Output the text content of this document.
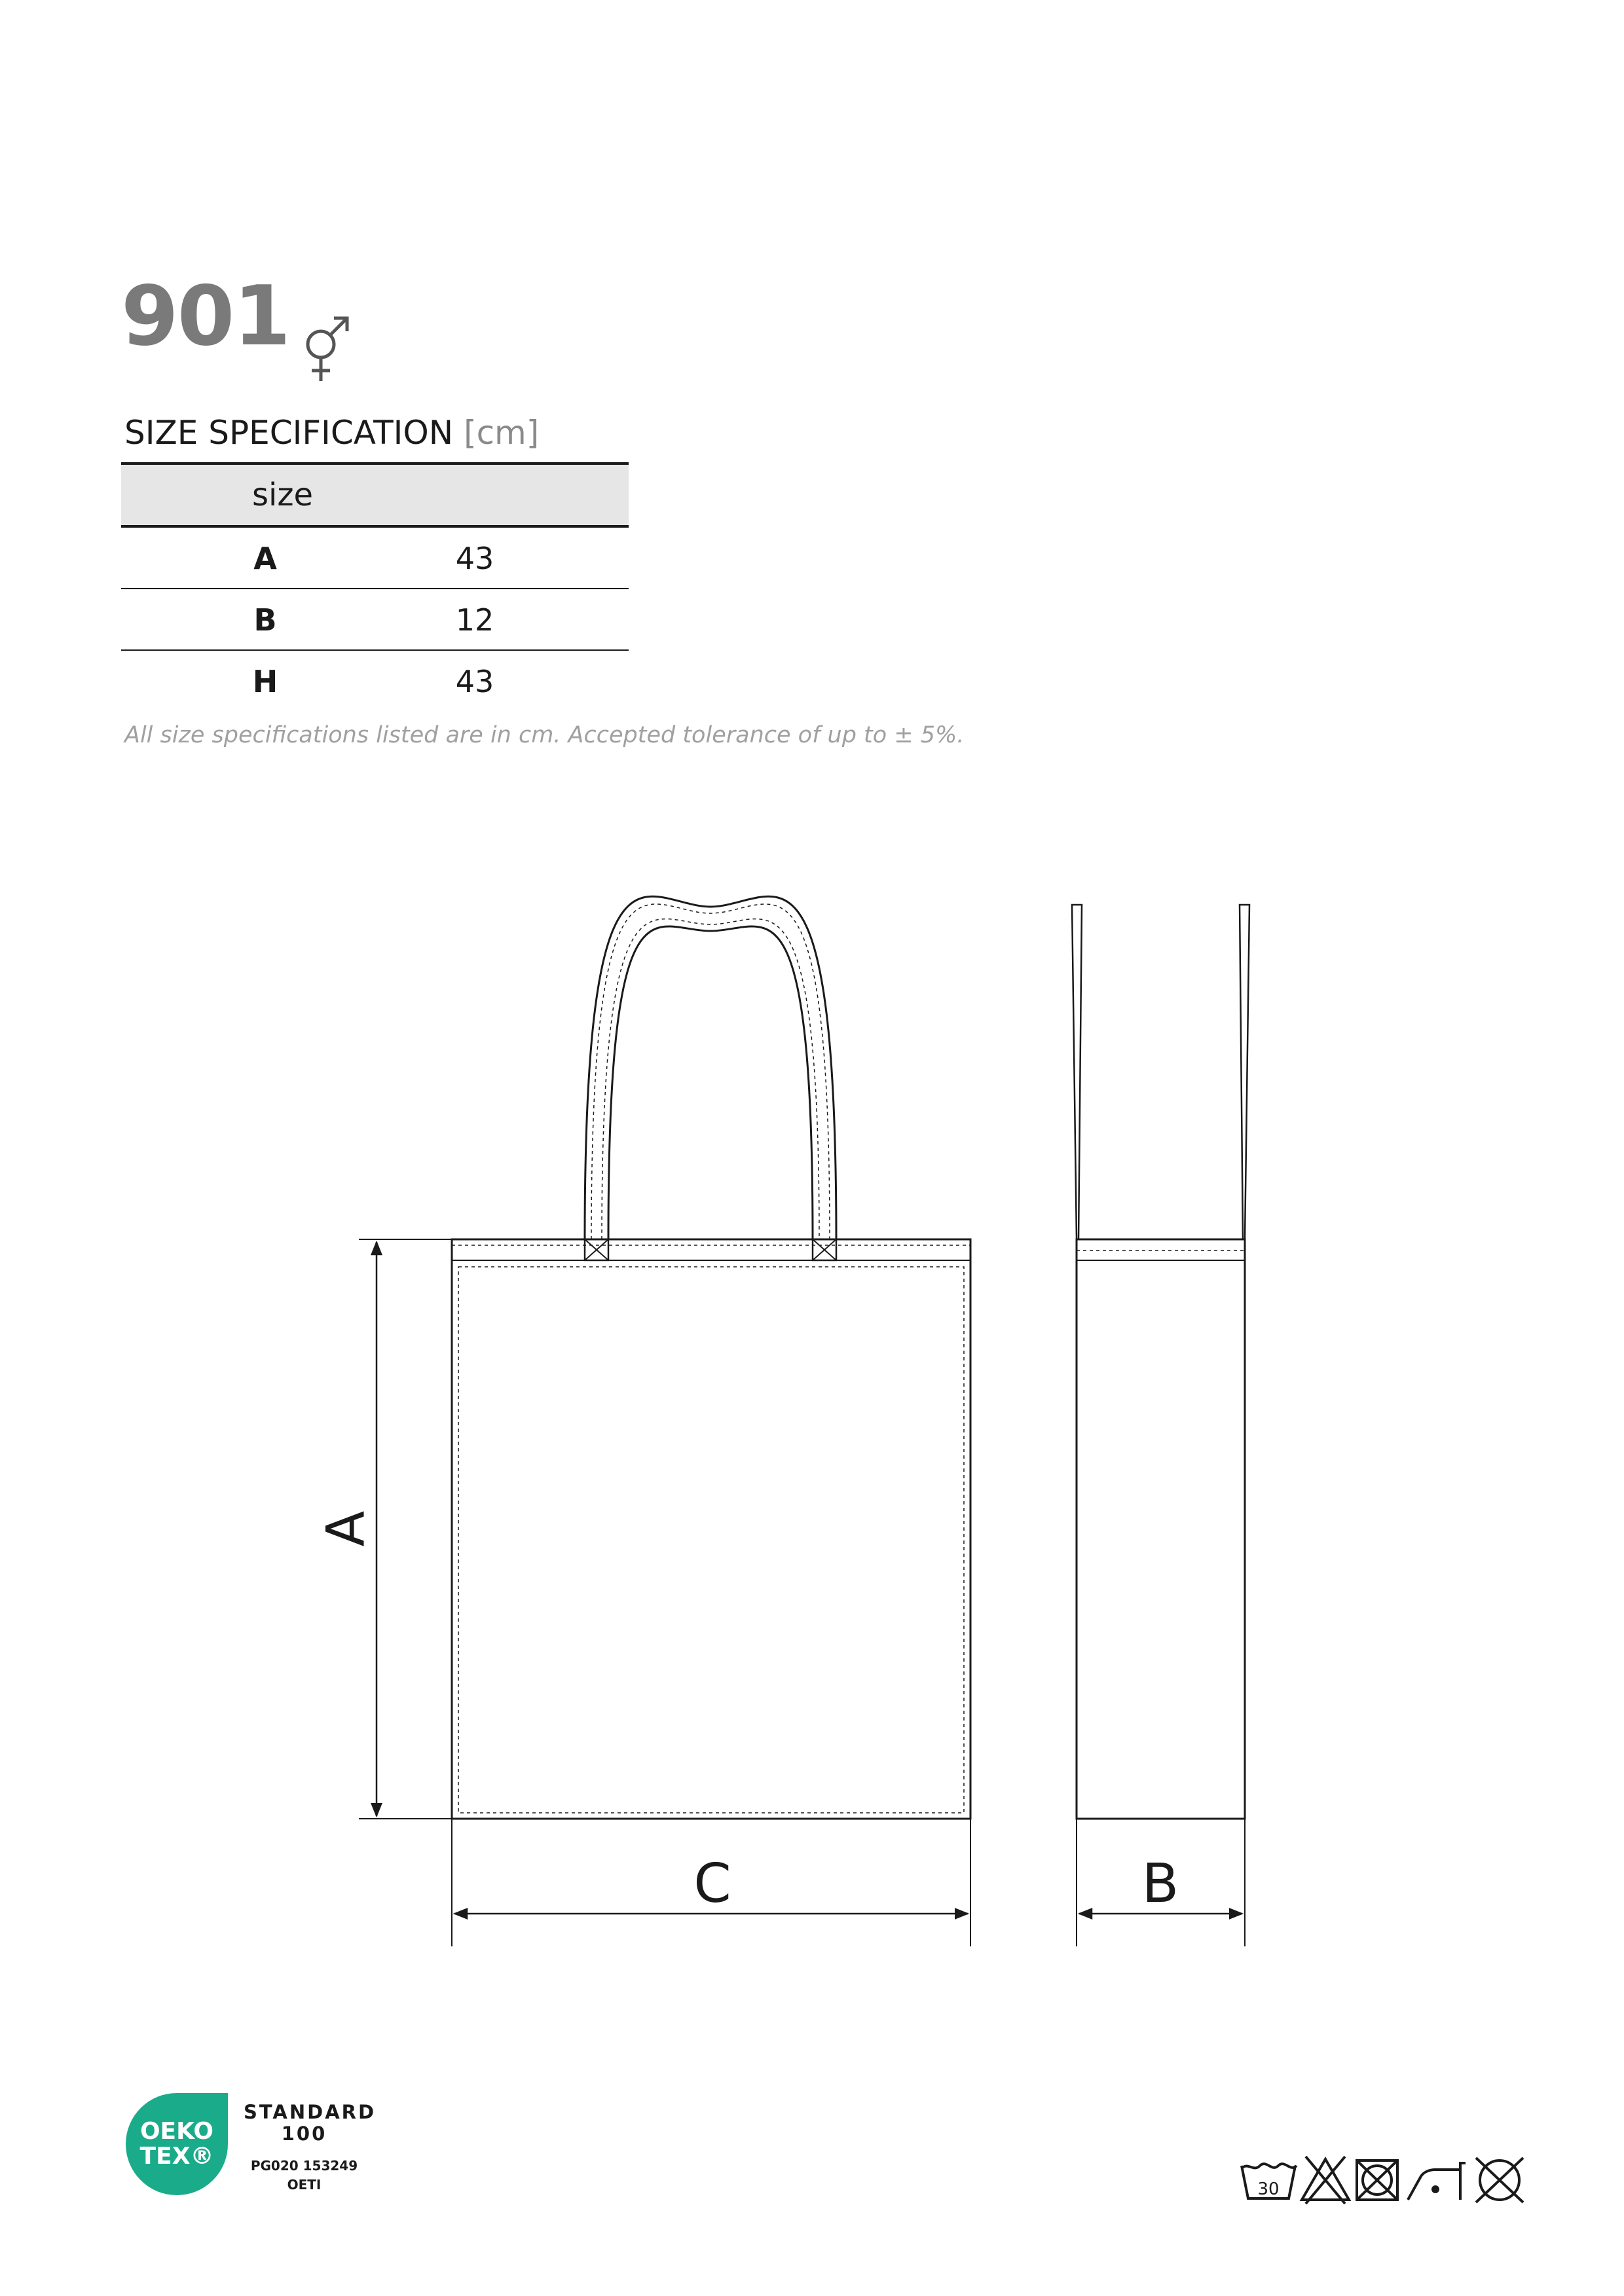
901
SIZE SPECIFICATION [cm]
size
A	43
B	12
H	43
All size specifications listed are in cm. Accepted tolerance of up to ± 5%.
A
C	B
OEKO
TEX®
STANDARD
100
PG020 153249
OETI	30
